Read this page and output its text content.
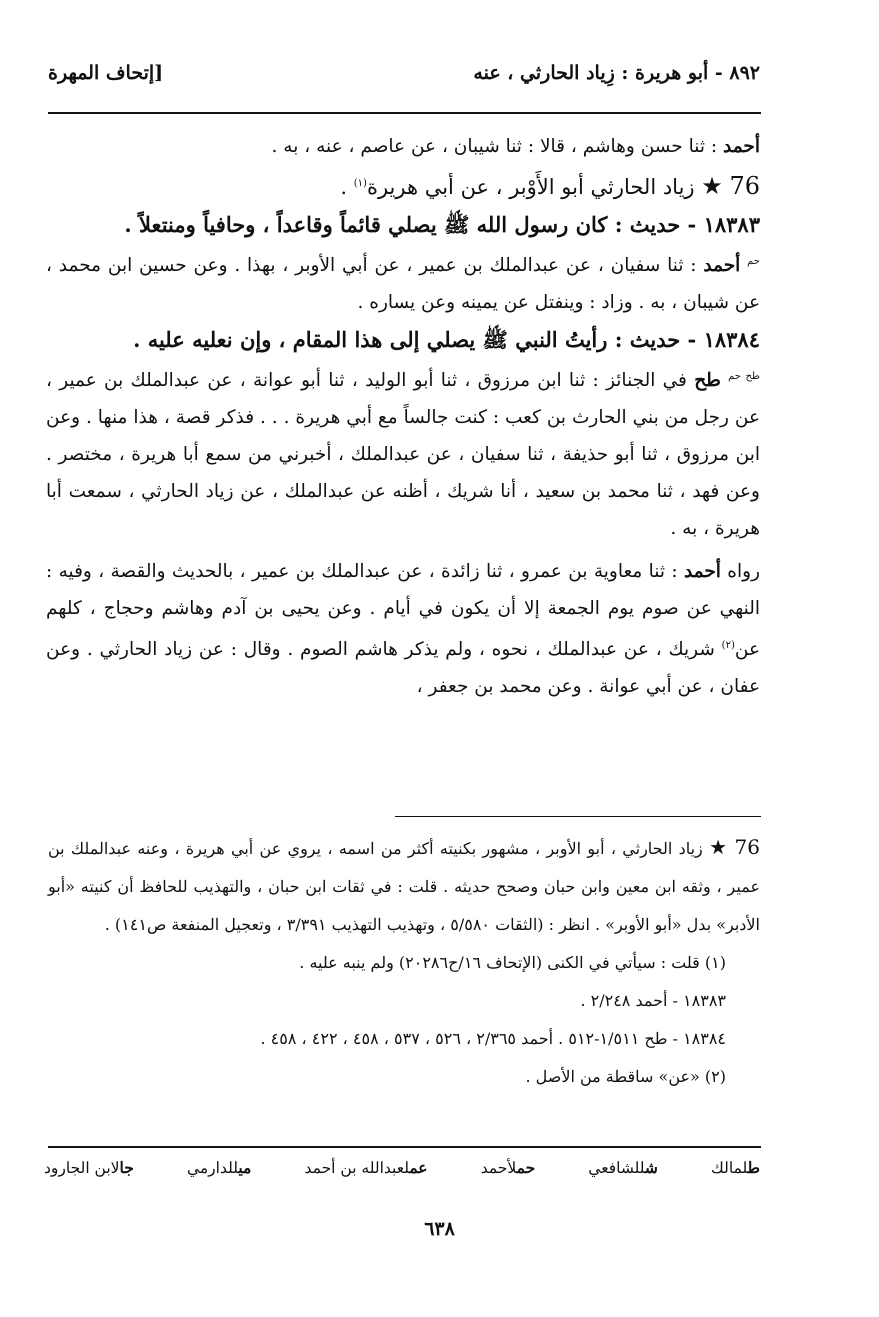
٨٩٢ - أبو هريرة : زِياد الحارثي ، عنه
[إتحاف المهرة

أحمد : ثنا حسن وهاشم ، قالا : ثنا شيبان ، عن عاصم ، عنه ، به .

76 ★ زياد الحارثي أبو الأَوْبر ، عن أبي هريرة$^{(١)}$ .

١٨٣٨٣ - حديث : كان رسول الله ﷺ يصلي قائماً وقاعداً ، وحافياً ومنتعلاً .

$^{حم}$ أحمد : ثنا سفيان ، عن عبدالملك بن عمير ، عن أبي الأوبر ، بهذا . وعن حسين ابن محمد ، عن شيبان ، به . وزاد : وينفتل عن يمينه وعن يساره .

١٨٣٨٤ - حديث : رأيتُ النبي ﷺ يصلي إلى هذا المقام ، وإن نعليه عليه .

$^{طح حم}$ طح في الجنائز : ثنا ابن مرزوق ، ثنا أبو الوليد ، ثنا أبو عوانة ، عن عبدالملك بن عمير ، عن رجل من بني الحارث بن كعب : كنت جالساً مع أبي هريرة . . . فذكر قصة ، هذا منها . وعن ابن مرزوق ، ثنا أبو حذيفة ، ثنا سفيان ، عن عبدالملك ، أخبرني من سمع أبا هريرة ، مختصر . وعن فهد ، ثنا محمد بن سعيد ، أنا شريك ، أظنه عن عبدالملك ، عن زياد الحارثي ، سمعت أبا هريرة ، به .

رواه أحمد : ثنا معاوية بن عمرو ، ثنا زائدة ، عن عبدالملك بن عمير ، بالحديث والقصة ، وفيه : النهي عن صوم يوم الجمعة إلا أن يكون في أيام . وعن يحيى بن آدم وهاشم وحجاج ، كلهم عن$^{(٢)}$ شريك ، عن عبدالملك ، نحوه ، ولم يذكر هاشم الصوم . وقال : عن زياد الحارثي . وعن عفان ، عن أبي عوانة . وعن محمد بن جعفر ،

76 ★ زياد الحارثي ، أبو الأوبر ، مشهور بكنيته أكثر من اسمه ، يروي عن أبي هريرة ، وعنه عبدالملك بن عمير ، وثقه ابن معين وابن حبان وصحح حديثه . قلت : في ثقات ابن حبان ، والتهذيب للحافظ أن كنيته «أبو الأدبر» بدل «أبو الأوبر» . انظر : (الثقات ٥/٥٨٠ ، وتهذيب التهذيب ٣/٣٩١ ، وتعجيل المنفعة ص١٤١) .

(١) قلت : سيأتي في الكنى (الإتحاف ١٦/ح٢٠٢٨٦) ولم ينبه عليه .

١٨٣٨٣ - أحمد ٢/٢٤٨ .

١٨٣٨٤ - طح ١/٥١١-٥١٢ . أحمد ٢/٣٦٥ ، ٥٢٦ ، ٥٣٧ ، ٤٥٨ ، ٤٢٢ ، ٤٥٨ .

(٢) «عن» ساقطة من الأصل .

طلمالك
شللشافعي
حملأحمد
عملعبدالله بن أحمد
ميللدارمي
جالابن الجارود
٦٣٨
